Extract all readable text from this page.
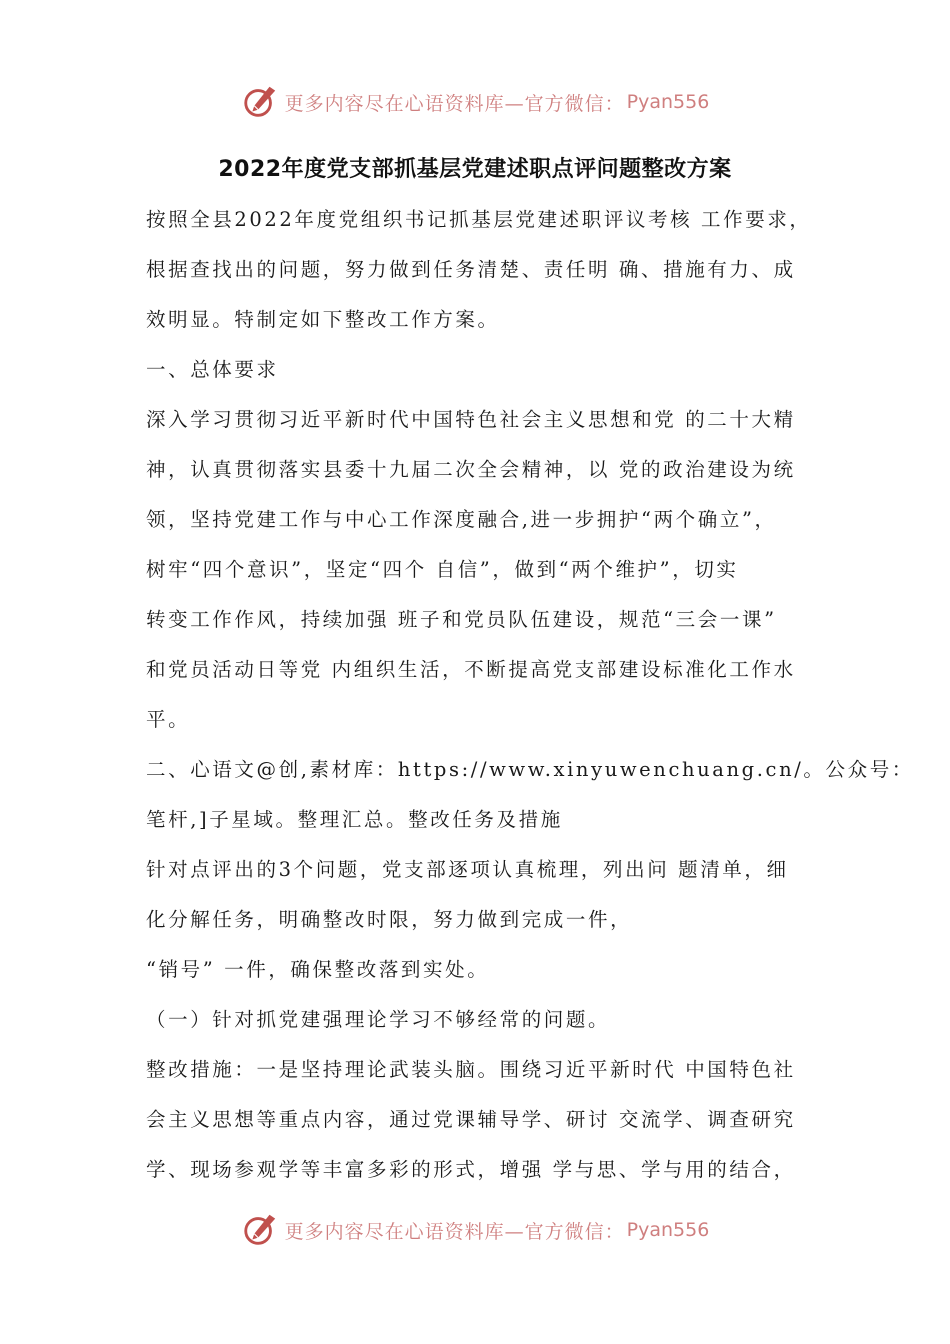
更多内容尽在心语资料库—官方微信： Pyan556
2022年度党支部抓基层党建述职点评问题整改方案
按照全县2022年度党组织书记抓基层党建述职评议考核 工作要求，
根据查找出的问题，努力做到任务清楚、责任明 确、措施有力、成
效明显。特制定如下整改工作方案。
一、总体要求
深入学习贯彻习近平新时代中国特色社会主义思想和党 的二十大精
神，认真贯彻落实县委十九届二次全会精神，以 党的政治建设为统
领，坚持党建工作与中心工作深度融合,进一步拥护“两个确立”，
树牢“四个意识”，坚定“四个 自信”，做到“两个维护”，切实
转变工作作风，持续加强 班子和党员队伍建设，规范“三会一课”
和党员活动日等党 内组织生活，不断提高党支部建设标准化工作水
平。
二、心语文@创,素材库：https://www.xinyuwenchuang.cn/。公众号：
笔杆,]子星域。整理汇总。整改任务及措施
针对点评出的3个问题，党支部逐项认真梳理，列出问 题清单，细
化分解任务，明确整改时限，努力做到完成一件，
“销号” 一件，确保整改落到实处。
（一）针对抓党建强理论学习不够经常的问题。
整改措施：一是坚持理论武装头脑。围绕习近平新时代 中国特色社
会主义思想等重点内容，通过党课辅导学、研讨 交流学、调查研究
学、现场参观学等丰富多彩的形式，增强 学与思、学与用的结合，
更多内容尽在心语资料库—官方微信： Pyan556
